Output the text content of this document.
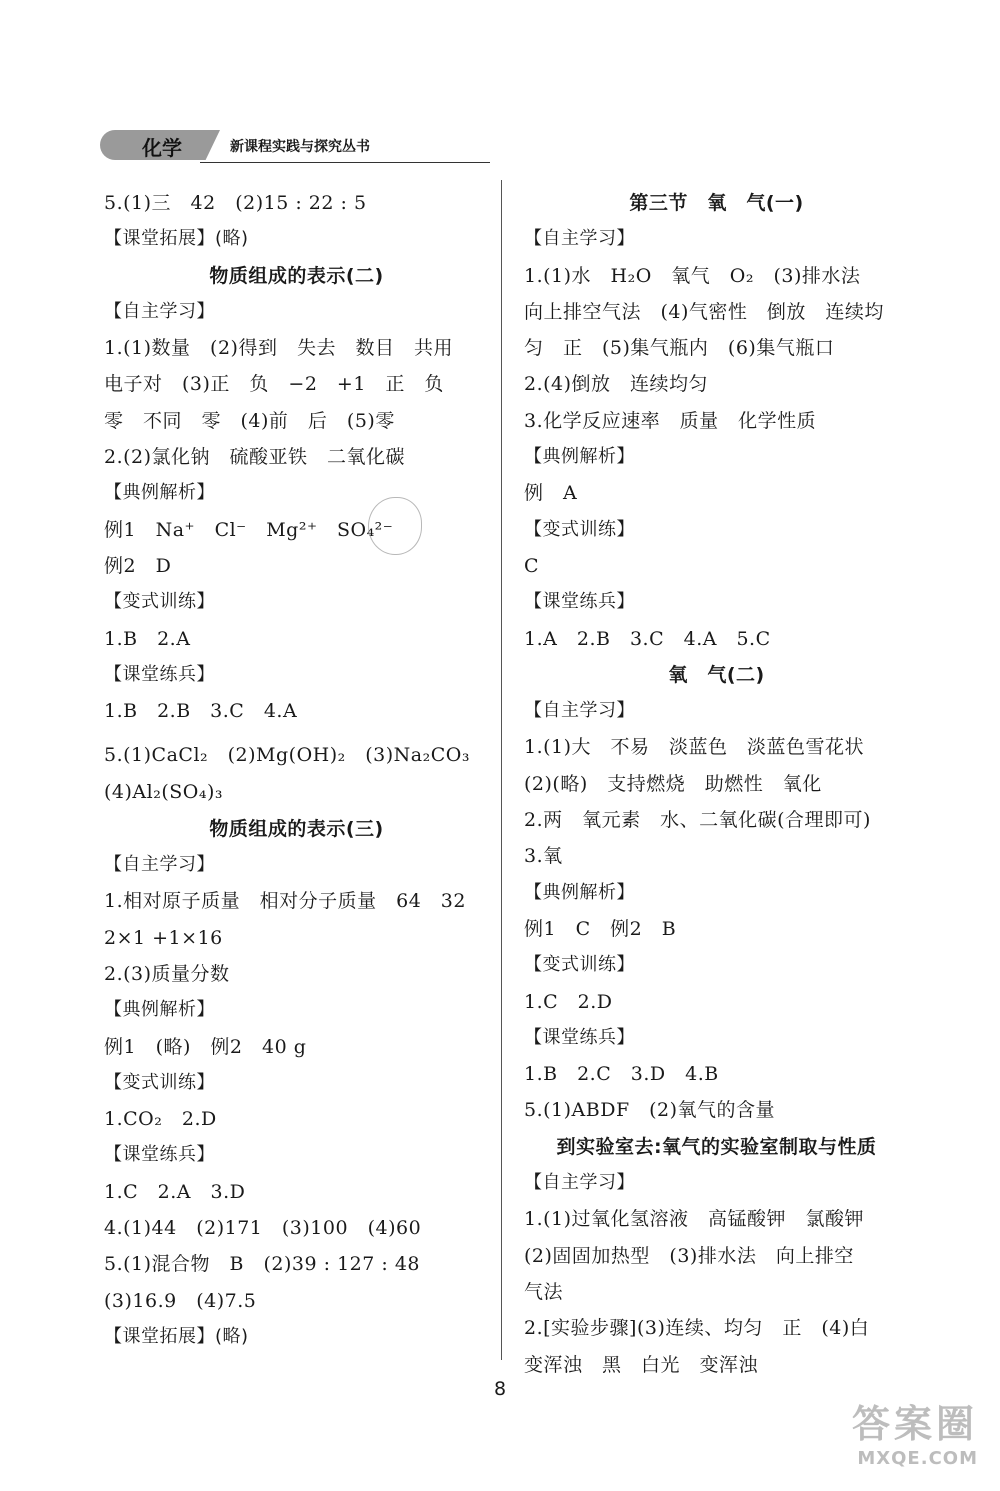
化学	新课程实践与探究丛书
5.(1)三　42　(2)15 : 22 : 5
【课堂拓展】(略)
物质组成的表示(二)
【自主学习】
1.(1)数量　(2)得到　失去　数目　共用
电子对　(3)正　负　−2　+1　正　负
零　不同　零　(4)前　后　(5)零
2.(2)氯化钠　硫酸亚铁　二氧化碳
【典例解析】
例1　Na⁺　Cl⁻　Mg²⁺　SO₄²⁻
例2　D
【变式训练】
1.B　2.A
【课堂练兵】
1.B　2.B　3.C　4.A
5.(1)CaCl₂　(2)Mg(OH)₂　(3)Na₂CO₃
(4)Al₂(SO₄)₃
物质组成的表示(三)
【自主学习】
1.相对原子质量　相对分子质量　64　32
2×1 +1×16
2.(3)质量分数
【典例解析】
例1　(略)　例2　40 g
【变式训练】
1.CO₂　2.D
【课堂练兵】
1.C　2.A　3.D
4.(1)44　(2)171　(3)100　(4)60
5.(1)混合物　B　(2)39 : 127 : 48
(3)16.9　(4)7.5
【课堂拓展】(略)
第三节　氧　气(一)
【自主学习】
1.(1)水　H₂O　氧气　O₂　(3)排水法
向上排空气法　(4)气密性　倒放　连续均
匀　正　(5)集气瓶内　(6)集气瓶口
2.(4)倒放　连续均匀
3.化学反应速率　质量　化学性质
【典例解析】
例　A
【变式训练】
C
【课堂练兵】
1.A　2.B　3.C　4.A　5.C
氧　气(二)
【自主学习】
1.(1)大　不易　淡蓝色　淡蓝色雪花状
(2)(略)　支持燃烧　助燃性　氧化
2.两　氧元素　水、二氧化碳(合理即可)
3.氧
【典例解析】
例1　C　例2　B
【变式训练】
1.C　2.D
【课堂练兵】
1.B　2.C　3.D　4.B
5.(1)ABDF　(2)氧气的含量
到实验室去:氧气的实验室制取与性质
【自主学习】
1.(1)过氧化氢溶液　高锰酸钾　氯酸钾
(2)固固加热型　(3)排水法　向上排空
气法
2.[实验步骤](3)连续、均匀　正　(4)白
变浑浊　黑　白光　变浑浊
8
答案圈
MXQE.COM
